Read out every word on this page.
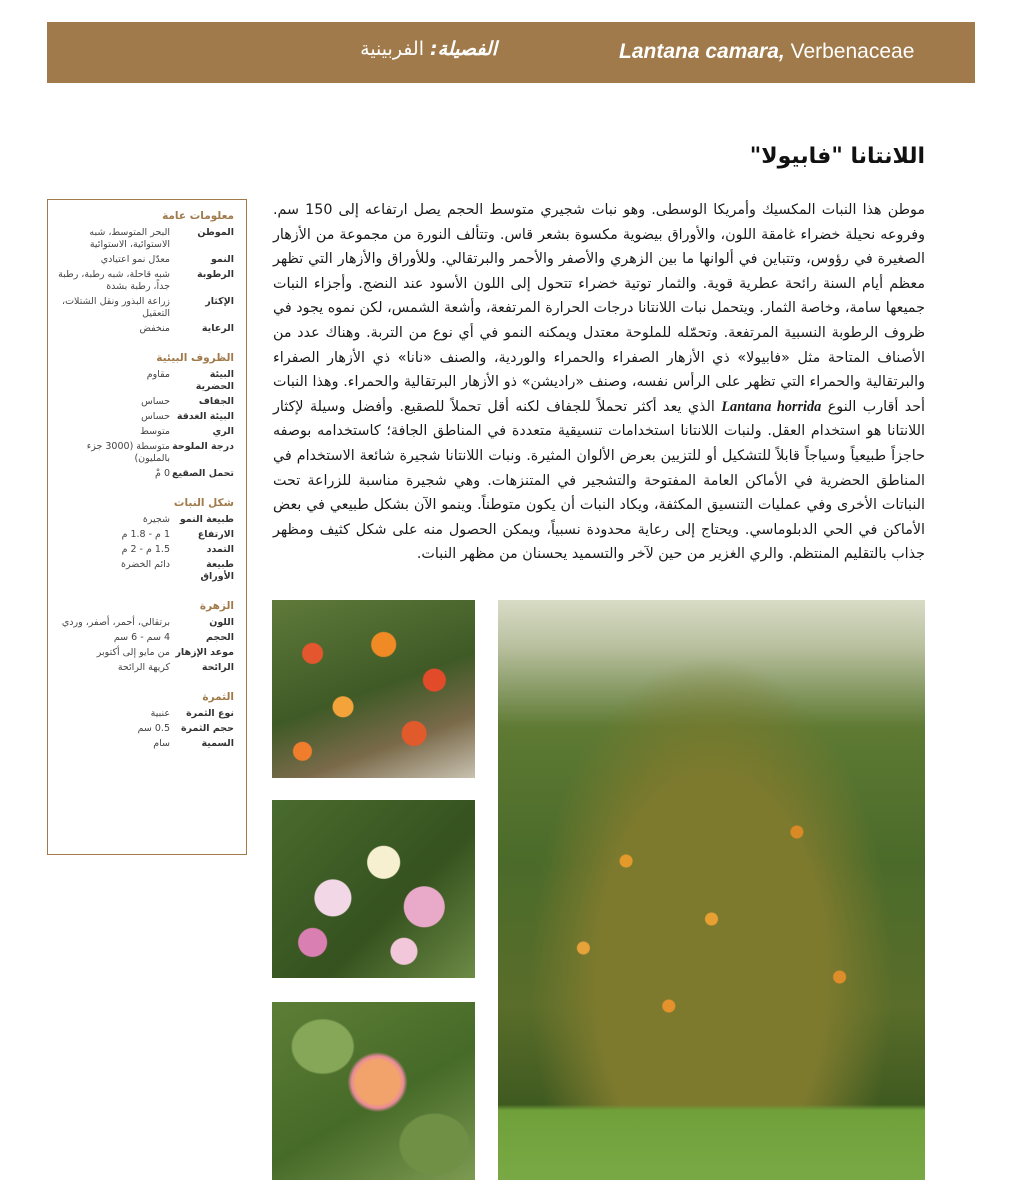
Lantana camara, Verbenaceae
الفصيلة: الفربينية
اللانتانا "فابيولا"
موطن هذا النبات المكسيك وأمريكا الوسطى. وهو نبات شجيري متوسط الحجم يصل ارتفاعه إلى 150 سم. وفروعه نحيلة خضراء غامقة اللون، والأوراق بيضوية مكسوة بشعر قاس. وتتألف النورة من مجموعة من الأزهار الصغيرة في رؤوس، وتتباين في ألوانها ما بين الزهري والأصفر والأحمر والبرتقالي. وللأوراق والأزهار التي تظهر معظم أيام السنة رائحة عطرية قوية. والثمار توتية خضراء تتحول إلى اللون الأسود عند النضج. وأجزاء النبات جميعها سامة، وخاصة الثمار. ويتحمل نبات اللانتانا درجات الحرارة المرتفعة، وأشعة الشمس، لكن نموه يجود في ظروف الرطوبة النسبية المرتفعة. وتحمّله للملوحة معتدل ويمكنه النمو في أي نوع من التربة. وهناك عدد من الأصناف المتاحة مثل «فابيولا» ذي الأزهار الصفراء والحمراء والوردية، والصنف «نانا» ذي الأزهار الصفراء والبرتقالية والحمراء التي تظهر على الرأس نفسه، وصنف «راديشن» ذو الأزهار البرتقالية والحمراء. وهذا النبات أحد أقارب النوع Lantana horrida الذي يعد أكثر تحملاً للجفاف لكنه أقل تحملاً للصقيع. وأفضل وسيلة لإكثار اللانتانا هو استخدام العقل. ولنبات اللانتانا استخدامات تنسيقية متعددة في المناطق الجافة؛ كاستخدامه بوصفه حاجزاً طبيعياً وسياجاً قابلاً للتشكيل أو للتزيين بعرض الألوان المثيرة. ونبات اللانتانا شجيرة شائعة الاستخدام في المناطق الحضرية في الأماكن العامة المفتوحة والتشجير في المتنزهات. وهي شجيرة مناسبة للزراعة تحت النباتات الأخرى وفي عمليات التنسيق المكثفة، ويكاد النبات أن يكون متوطناً. وينمو الآن بشكل طبيعي في بعض الأماكن في الحي الدبلوماسي. ويحتاج إلى رعاية محدودة نسبياً، ويمكن الحصول منه على شكل كثيف ومظهر جذاب بالتقليم المنتظم. والري الغزير من حين لآخر والتسميد يحسنان من مظهر النبات.
معلومات عامة
الموطن
البحر المتوسط، شبه الاستوائية، الاستوائية
النمو
معدّل نمو اعتيادي
الرطوبة
شبه قاحلة، شبه رطبة، رطبة جداً، رطبة بشدة
الإكثار
زراعة البذور ونقل الشتلات، التعقيل
الرعاية
منخفض
الظروف البيئية
البيئة الحضرية
مقاوم
الجفاف
حساس
البيئة الغدقة
حساس
الري
متوسط
درجة الملوحة
متوسطة (3000 جزء بالمليون)
تحمل الصقيع
0 مْ
شكل النبات
طبيعة النمو
شجيرة
الارتفاع
1 م - 1.8 م
التمدد
1.5 م - 2 م
طبيعة الأوراق
دائم الخضرة
الزهرة
اللون
برتقالي، أحمر، أصفر، وردي
الحجم
4 سم - 6 سم
موعد الإزهار
من مايو إلى أكتوبر
الرائحة
كريهة الرائحة
الثمرة
نوع الثمرة
عنبية
حجم الثمرة
0.5 سم
السمية
سام
